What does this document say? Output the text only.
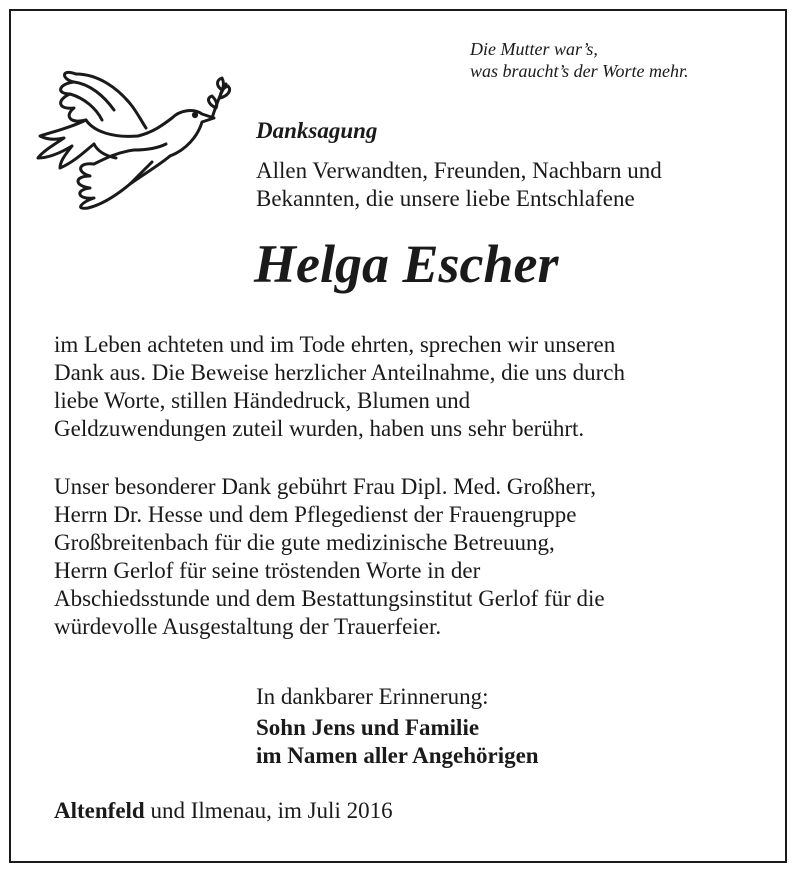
Die Mutter war’s,
was braucht’s der Worte mehr.
Danksagung
Allen Verwandten, Freunden, Nachbarn und
Bekannten, die unsere liebe Entschlafene
Helga Escher
im Leben achteten und im Tode ehrten, sprechen wir unseren
Dank aus. Die Beweise herzlicher Anteilnahme, die uns durch
liebe Worte, stillen Händedruck, Blumen und
Geldzuwendungen zuteil wurden, haben uns sehr berührt.
Unser besonderer Dank gebührt Frau Dipl. Med. Großherr,
Herrn Dr. Hesse und dem Pflegedienst der Frauengruppe
Großbreitenbach für die gute medizinische Betreuung,
Herrn Gerlof für seine tröstenden Worte in der
Abschiedsstunde und dem Bestattungsinstitut Gerlof für die
würdevolle Ausgestaltung der Trauerfeier.
In dankbarer Erinnerung:
Sohn Jens und Familie
im Namen aller Angehörigen
Altenfeld und Ilmenau, im Juli 2016
